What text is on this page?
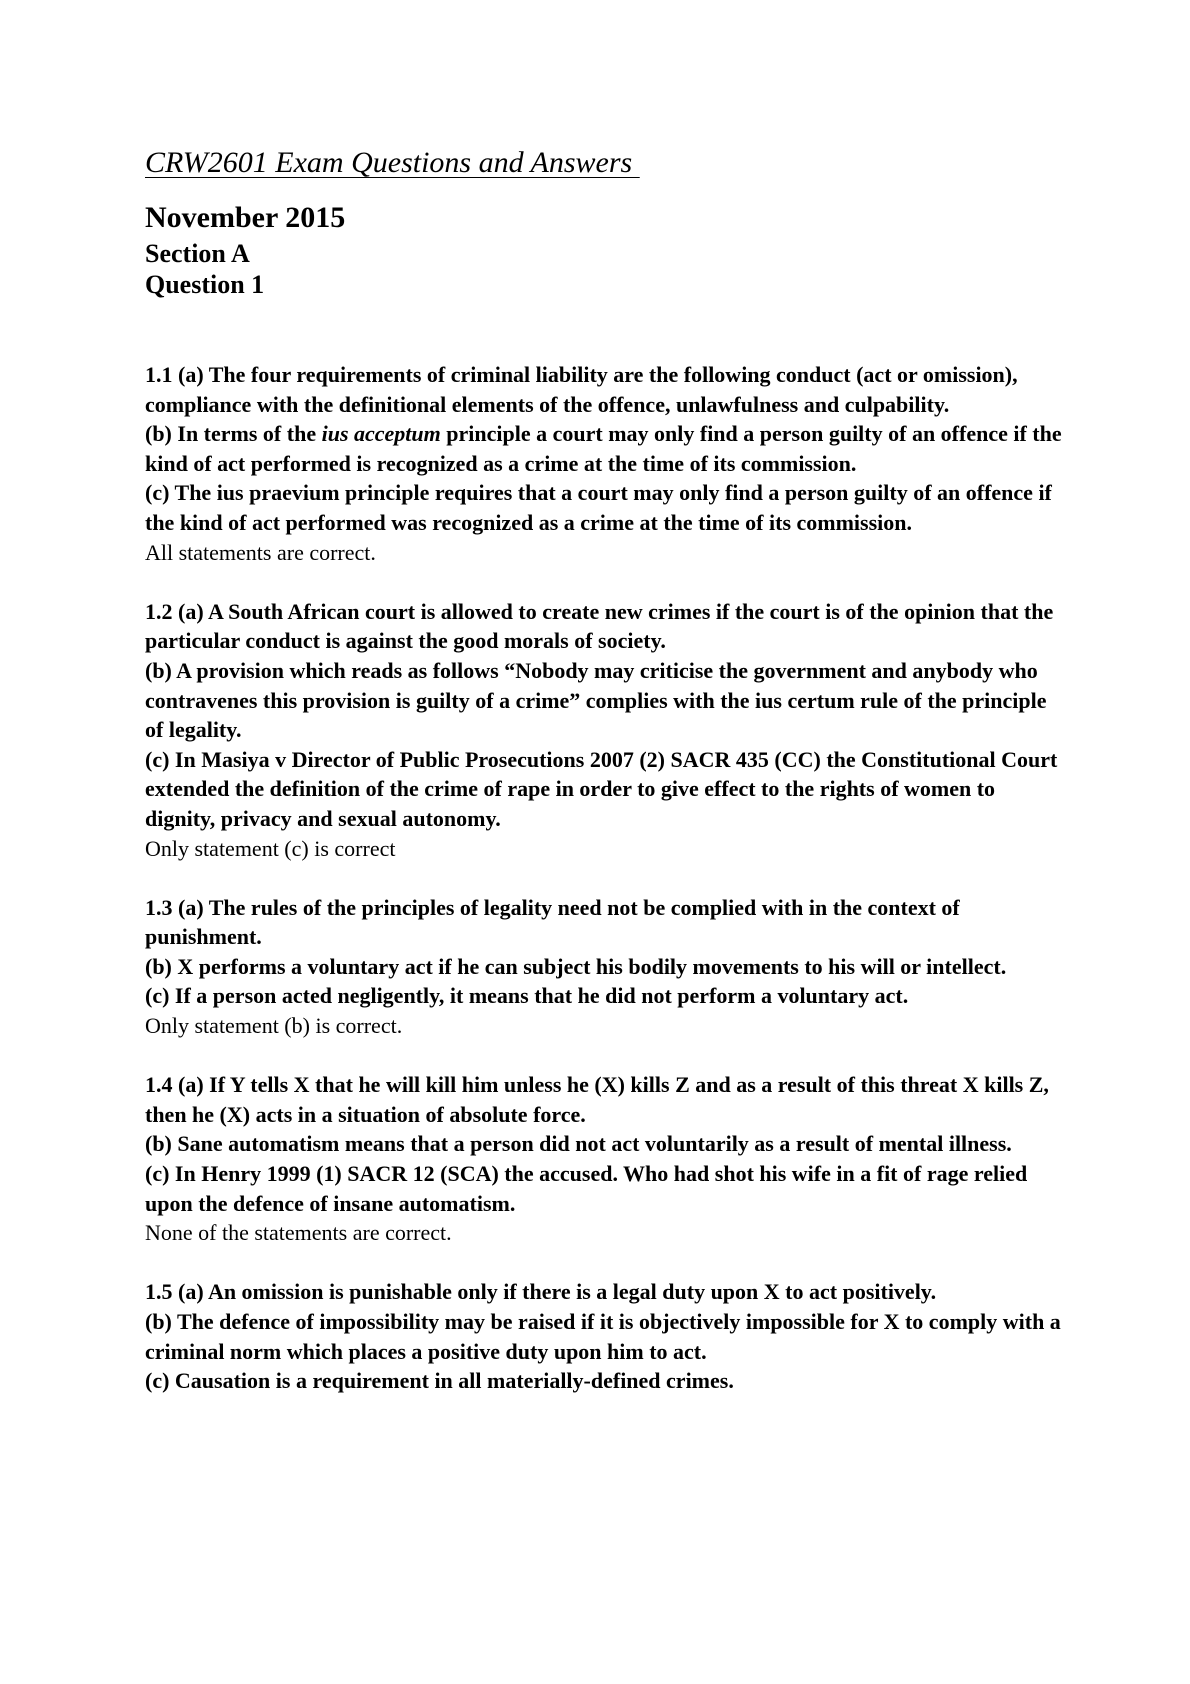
CRW2601 Exam Questions and Answers
November 2015
Section A
Question 1

1.1 (a) The four requirements of criminal liability are the following conduct (act or omission), compliance with the definitional elements of the offence, unlawfulness and culpability.

(b) In terms of the ius acceptum principle a court may only find a person guilty of an offence if the kind of act performed is recognized as a crime at the time of its commission.

(c) The ius praevium principle requires that a court may only find a person guilty of an offence if the kind of act performed was recognized as a crime at the time of its commission.

All statements are correct.

1.2 (a) A South African court is allowed to create new crimes if the court is of the opinion that the particular conduct is against the good morals of society.

(b) A provision which reads as follows “Nobody may criticise the government and anybody who contravenes this provision is guilty of a crime” complies with the ius certum rule of the principle of legality.

(c) In Masiya v Director of Public Prosecutions 2007 (2) SACR 435 (CC) the Constitutional Court extended the definition of the crime of rape in order to give effect to the rights of women to dignity, privacy and sexual autonomy.

Only statement (c) is correct

1.3 (a) The rules of the principles of legality need not be complied with in the context of punishment.

(b) X performs a voluntary act if he can subject his bodily movements to his will or intellect.

(c) If a person acted negligently, it means that he did not perform a voluntary act.

Only statement (b) is correct.

1.4 (a) If Y tells X that he will kill him unless he (X) kills Z and as a result of this threat X kills Z, then he (X) acts in a situation of absolute force.

(b) Sane automatism means that a person did not act voluntarily as a result of mental illness.

(c) In Henry 1999 (1) SACR 12 (SCA) the accused. Who had shot his wife in a fit of rage relied upon the defence of insane automatism.

None of the statements are correct.

1.5 (a) An omission is punishable only if there is a legal duty upon X to act positively.

(b) The defence of impossibility may be raised if it is objectively impossible for X to comply with a criminal norm which places a positive duty upon him to act.

(c) Causation is a requirement in all materially-defined crimes.
